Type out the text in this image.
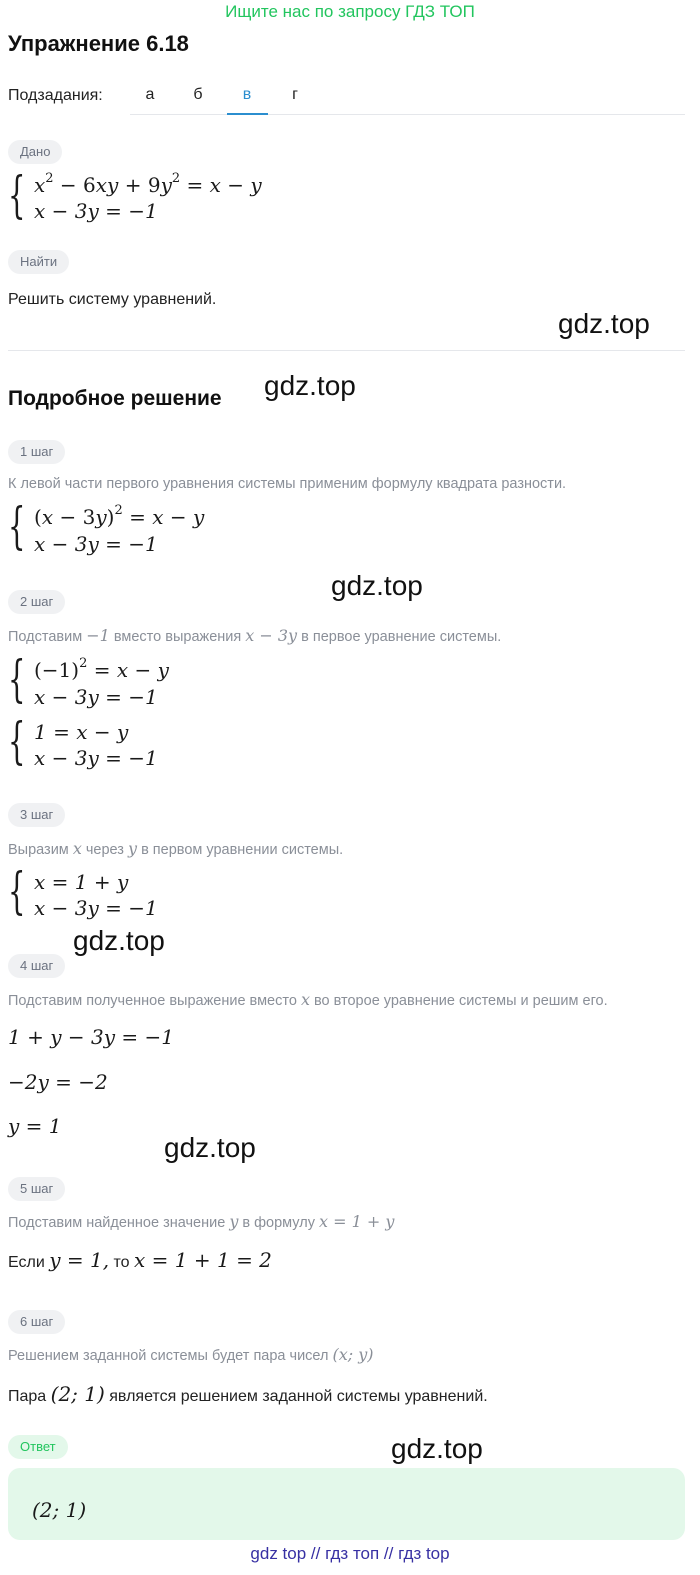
Ищите нас по запросу ГДЗ ТОП
Упражнение 6.18
Подзадания:	а	б	в	г
Дано
{ $x^2 - 6xy + 9y^2 = x - y$
x − 3y = −1
Найти
Решить систему уравнений.
gdz.top
Подробное решение gdz.top
1 шаг
К левой части первого уравнения системы применим формулу квадрата разности.
{ $(x - 3y)^2 = x - y$
x − 3y = −1
gdz.top
2 шаг
Подставим −1 вместо выражения x − 3y в первое уравнение системы.
{ $(-1)^2 = x - y$
x − 3y = −1
{ 1 = x − y
x − 3y = −1
3 шаг
Выразим x через y в первом уравнении системы.
{ x = 1 + y
x − 3y = −1
gdz.top
4 шаг
Подставим полученное выражение вместо x во второе уравнение системы и решим его.
1 + y − 3y = −1
−2y = −2
y = 1
gdz.top
5 шаг
Подставим найденное значение y в формулу x = 1 + y
Если y = 1, то x = 1 + 1 = 2
6 шаг
Решением заданной системы будет пара чисел (x; y)
Пара (2; 1) является решением заданной системы уравнений.
Ответ	gdz.top
(2; 1)
gdz top // гдз топ // гдз top
